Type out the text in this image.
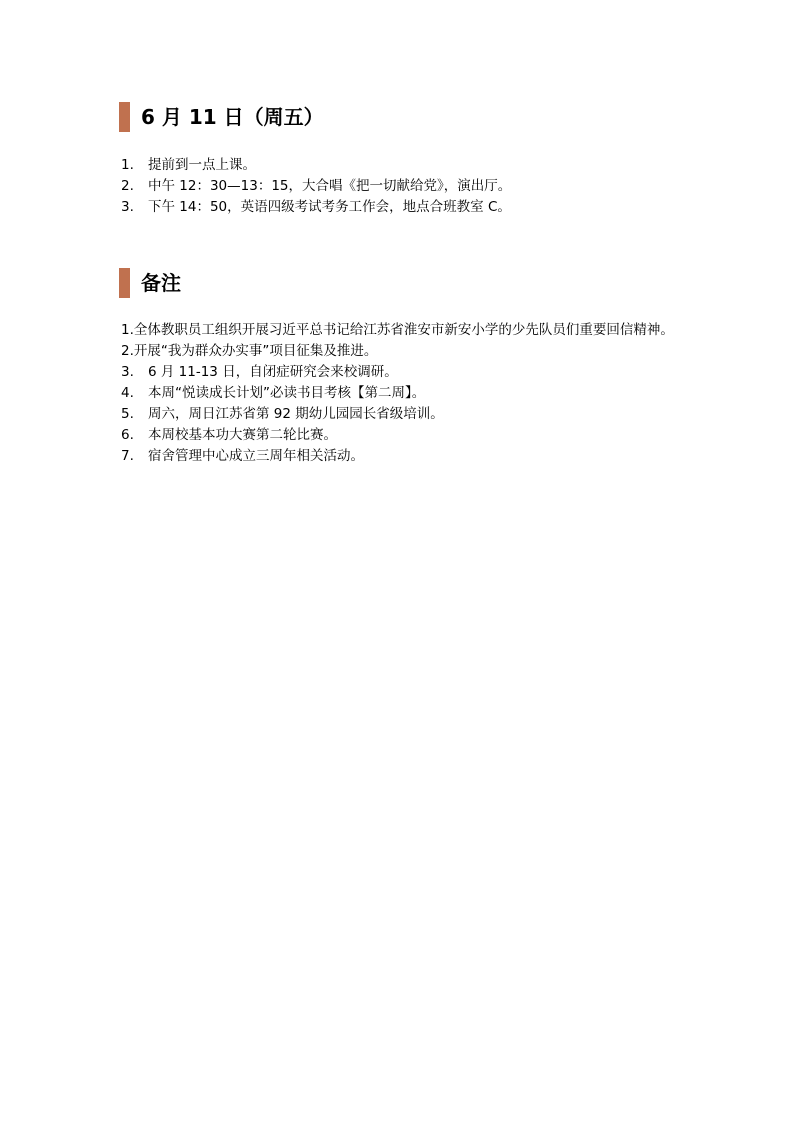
6 月 11 日（周五）
1. 提前到一点上课。
2. 中午 12：30—13：15，大合唱《把一切献给党》，演出厅。
3. 下午 14：50，英语四级考试考务工作会，地点合班教室 C。
备注
1.全体教职员工组织开展习近平总书记给江苏省淮安市新安小学的少先队员们重要回信精神。
2.开展“我为群众办实事”项目征集及推进。
3. 6 月 11-13 日，自闭症研究会来校调研。
4. 本周“悦读成长计划”必读书目考核【第二周】。
5. 周六，周日江苏省第 92 期幼儿园园长省级培训。
6. 本周校基本功大赛第二轮比赛。
7. 宿舍管理中心成立三周年相关活动。
